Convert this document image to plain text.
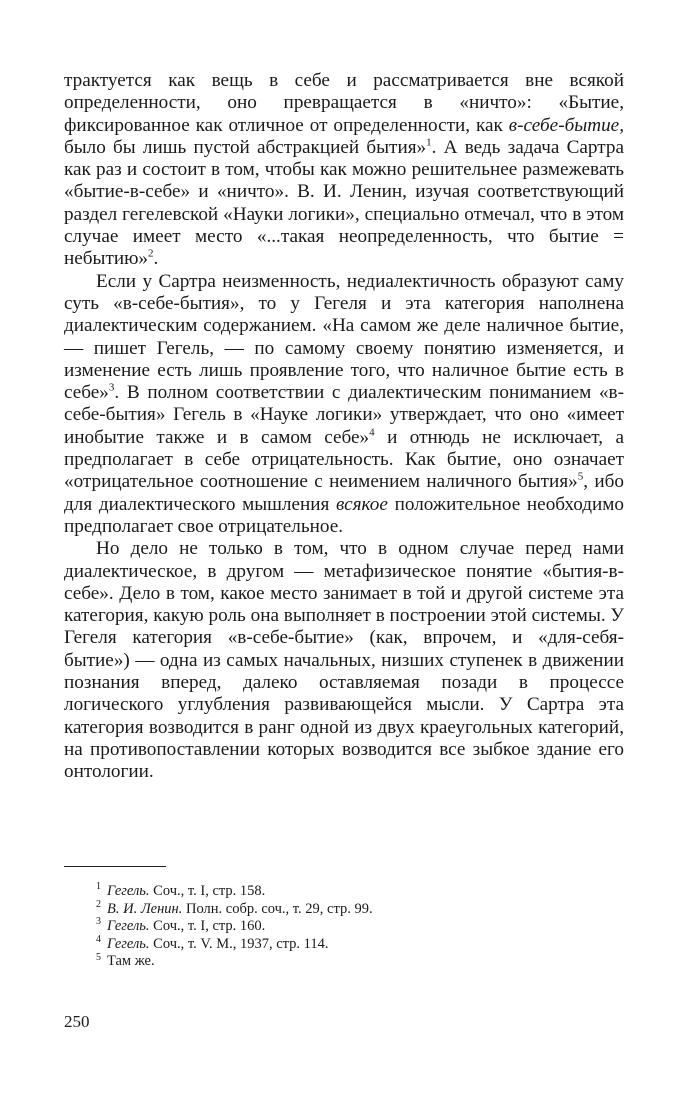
трактуется как вещь в себе и рассматривается вне всякой определенности, оно превращается в «ничто»: «Бытие, фиксированное как отличное от определенности, как в-себе-бытие, было бы лишь пустой абстракцией бытия»$^1$. А ведь задача Сартра как раз и состоит в том, чтобы как можно решительнее размежевать «бытие-в-себе» и «ничто». В. И. Ленин, изучая соответствующий раздел гегелевской «Науки логики», специально отмечал, что в этом случае имеет место «...такая неопределенность, что бытие = небытию»$^2$.

Если у Сартра неизменность, недиалектичность образуют саму суть «в-себе-бытия», то у Гегеля и эта категория наполнена диалектическим содержанием. «На самом же деле наличное бытие, — пишет Гегель, — по самому своему понятию изменяется, и изменение есть лишь проявление того, что наличное бытие есть в себе»$^3$. В полном соответствии с диалектическим пониманием «в-себе-бытия» Гегель в «Науке логики» утверждает, что оно «имеет инобытие также и в самом себе»$^4$ и отнюдь не исключает, а предполагает в себе отрицательность. Как бытие, оно означает «отрицательное соотношение с неимением наличного бытия»$^5$, ибо для диалектического мышления всякое положительное необходимо предполагает свое отрицательное.

Но дело не только в том, что в одном случае перед нами диалектическое, в другом — метафизическое понятие «бытия-в-себе». Дело в том, какое место занимает в той и другой системе эта категория, какую роль она выполняет в построении этой системы. У Гегеля категория «в-себе-бытие» (как, впрочем, и «для-себя-бытие») — одна из самых начальных, низших ступенек в движении познания вперед, далеко оставляемая позади в процессе логического углубления развивающейся мысли. У Сартра эта категория возводится в ранг одной из двух краеугольных категорий, на противопоставлении которых возводится все зыбкое здание его онтологии.

$^1$ Гегель. Соч., т. I, стр. 158.
$^2$ В. И. Ленин. Полн. собр. соч., т. 29, стр. 99.
$^3$ Гегель. Соч., т. I, стр. 160.
$^4$ Гегель. Соч., т. V. М., 1937, стр. 114.
$^5$ Там же.
250
